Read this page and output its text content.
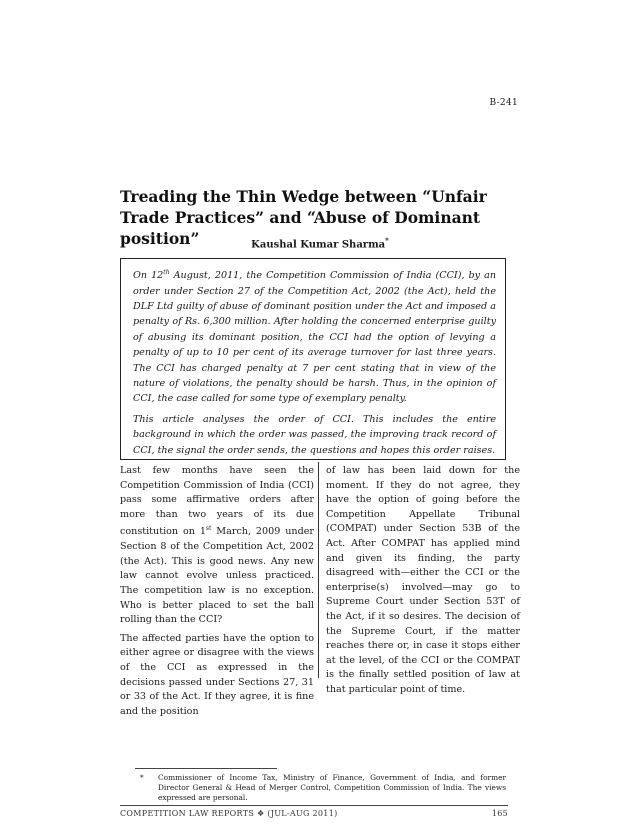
B-241
Treading the Thin Wedge between “Unfair Trade Practices” and “Abuse of Dominant position”	Kaushal Kumar Sharma*

On 12th August, 2011, the Competition Commission of India (CCI), by an order under Section 27 of the Competition Act, 2002 (the Act), held the DLF Ltd guilty of abuse of dominant position under the Act and imposed a penalty of Rs. 6,300 million. After holding the concerned enterprise guilty of abusing its dominant position, the CCI had the option of levying a penalty of up to 10 per cent of its average turnover for last three years. The CCI has charged penalty at 7 per cent stating that in view of the nature of violations, the penalty should be harsh. Thus, in the opinion of CCI, the case called for some type of exemplary penalty.

This article analyses the order of CCI. This includes the entire background in which the order was passed, the improving track record of CCI, the signal the order sends, the questions and hopes this order raises.

Last few months have seen the Competition Commission of India (CCI) pass some affirmative orders after more than two years of its due constitution on 1st March, 2009 under Section 8 of the Competition Act, 2002 (the Act). This is good news. Any new law cannot evolve unless practiced. The competition law is no exception. Who is better placed to set the ball rolling than the CCI?

The affected parties have the option to either agree or disagree with the views of the CCI as expressed in the decisions passed under Sections 27, 31 or 33 of the Act. If they agree, it is fine and the position

of law has been laid down for the moment. If they do not agree, they have the option of going before the Competition Appellate Tribunal (COMPAT) under Section 53B of the Act. After COMPAT has applied mind and given its finding, the party disagreed with—either the CCI or the enterprise(s) involved—may go to Supreme Court under Section 53T of the Act, if it so desires. The decision of the Supreme Court, if the matter reaches there or, in case it stops either at the level, of the CCI or the COMPAT is the finally settled position of law at that particular point of time.

* Commissioner of Income Tax, Ministry of Finance, Government of India, and former Director General & Head of Merger Control, Competition Commission of India. The views expressed are personal.
COMPETITION LAW REPORTS ❖ (JUL-AUG 2011)	165
